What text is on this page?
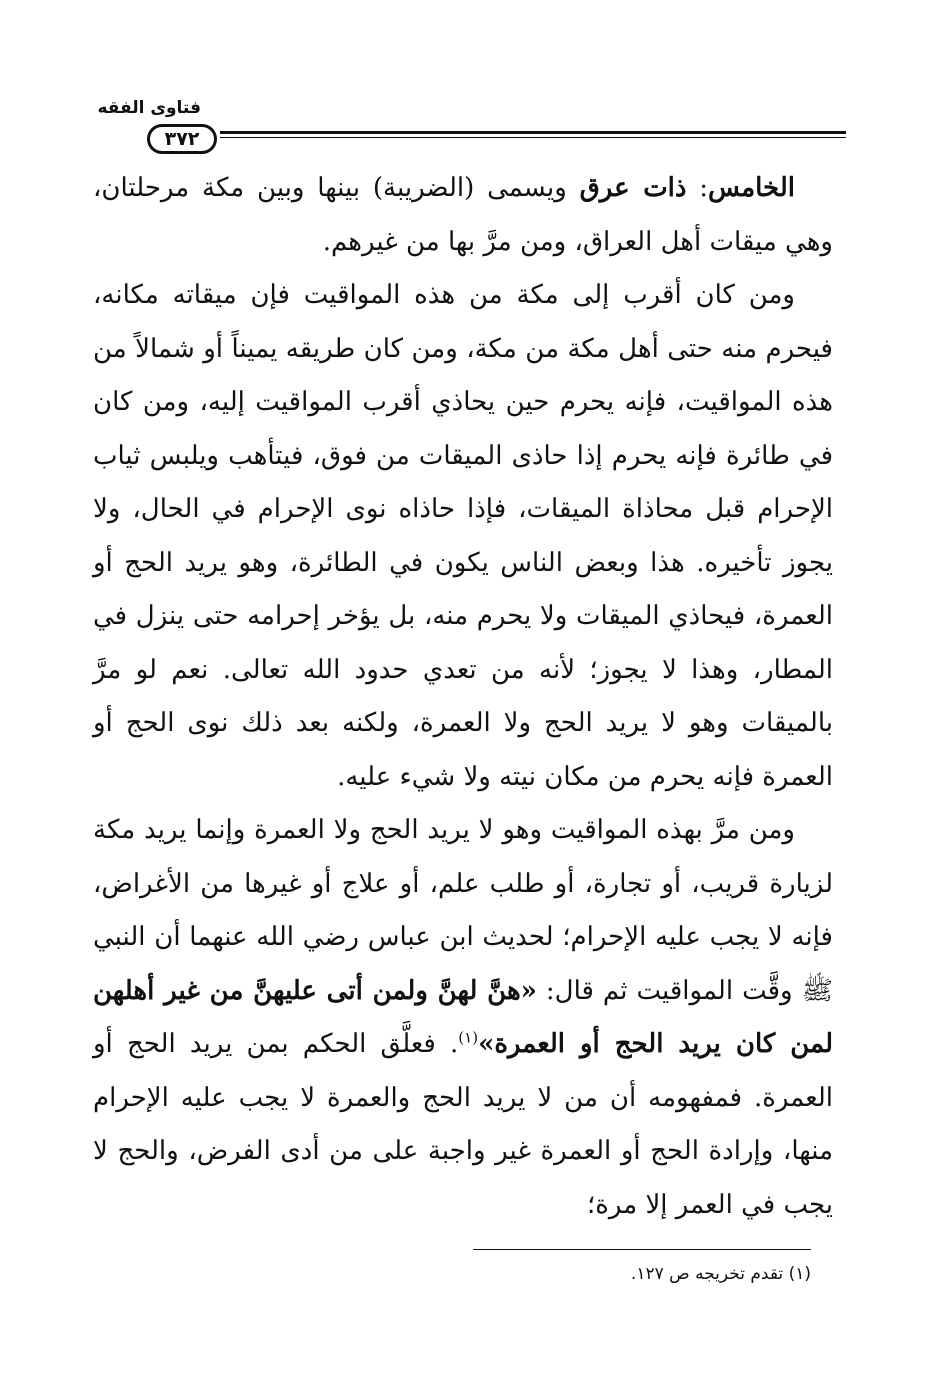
فتاوى الفقه
٣٧٢

الخامس: ذات عرق ويسمى (الضريبة) بينها وبين مكة مرحلتان، وهي ميقات أهل العراق، ومن مرَّ بها من غيرهم.

ومن كان أقرب إلى مكة من هذه المواقيت فإن ميقاته مكانه، فيحرم منه حتى أهل مكة من مكة، ومن كان طريقه يميناً أو شمالاً من هذه المواقيت، فإنه يحرم حين يحاذي أقرب المواقيت إليه، ومن كان في طائرة فإنه يحرم إذا حاذى الميقات من فوق، فيتأهب ويلبس ثياب الإحرام قبل محاذاة الميقات، فإذا حاذاه نوى الإحرام في الحال، ولا يجوز تأخيره. هذا وبعض الناس يكون في الطائرة، وهو يريد الحج أو العمرة، فيحاذي الميقات ولا يحرم منه، بل يؤخر إحرامه حتى ينزل في المطار، وهذا لا يجوز؛ لأنه من تعدي حدود الله تعالى. نعم لو مرَّ بالميقات وهو لا يريد الحج ولا العمرة، ولكنه بعد ذلك نوى الحج أو العمرة فإنه يحرم من مكان نيته ولا شيء عليه.

ومن مرَّ بهذه المواقيت وهو لا يريد الحج ولا العمرة وإنما يريد مكة لزيارة قريب، أو تجارة، أو طلب علم، أو علاج أو غيرها من الأغراض، فإنه لا يجب عليه الإحرام؛ لحديث ابن عباس رضي الله عنهما أن النبي ﷺ وقَّت المواقيت ثم قال: «هنَّ لهنَّ ولمن أتى عليهنَّ من غير أهلهن لمن كان يريد الحج أو العمرة»$^{(١)}$. فعلَّق الحكم بمن يريد الحج أو العمرة. فمفهومه أن من لا يريد الحج والعمرة لا يجب عليه الإحرام منها، وإرادة الحج أو العمرة غير واجبة على من أدى الفرض، والحج لا يجب في العمر إلا مرة؛

(١) تقدم تخريجه ص ١٢٧.
